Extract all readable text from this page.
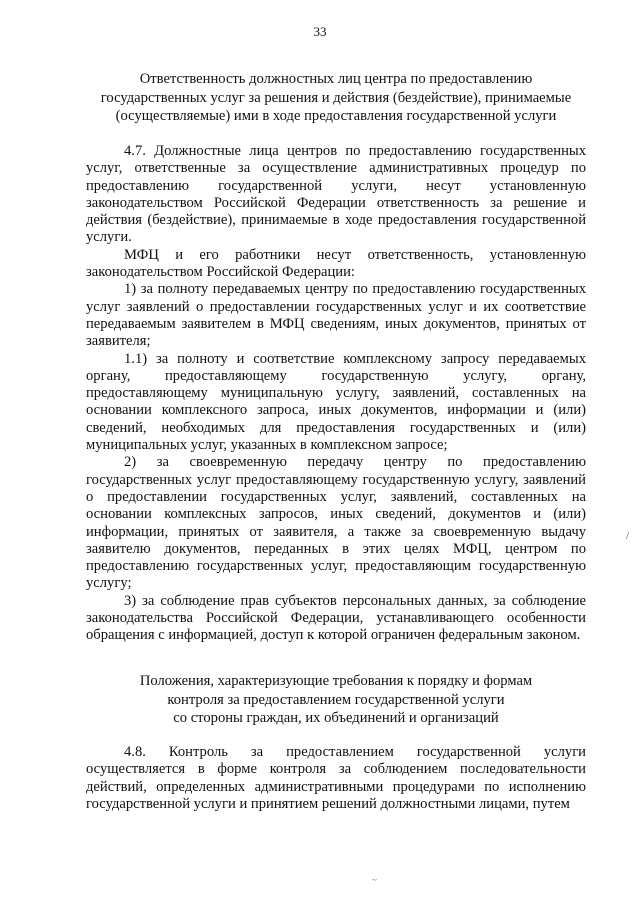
33
Ответственность должностных лиц центра по предоставлению
государственных услуг за решения и действия (бездействие), принимаемые
(осуществляемые) ими в ходе предоставления государственной услуги

4.7. Должностные лица центров по предоставлению государственных услуг, ответственные за осуществление административных процедур по предоставлению государственной услуги, несут установленную законодательством Российской Федерации ответственность за решение и действия (бездействие), принимаемые в ходе предоставления государственной услуги.

МФЦ и его работники несут ответственность, установленную законодательством Российской Федерации:

1) за полноту передаваемых центру по предоставлению государственных услуг заявлений о предоставлении государственных услуг и их соответствие передаваемым заявителем в МФЦ сведениям, иных документов, принятых от заявителя;

1.1) за полноту и соответствие комплексному запросу передаваемых органу, предоставляющему государственную услугу, органу, предоставляющему муниципальную услугу, заявлений, составленных на основании комплексного запроса, иных документов, информации и (или) сведений, необходимых для предоставления государственных и (или) муниципальных услуг, указанных в комплексном запросе;

2) за своевременную передачу центру по предоставлению государственных услуг предоставляющему государственную услугу, заявлений о предоставлении государственных услуг, заявлений, составленных на основании комплексных запросов, иных сведений, документов и (или) информации, принятых от заявителя, а также за своевременную выдачу заявителю документов, переданных в этих целях МФЦ, центром по предоставлению государственных услуг, предоставляющим государственную услугу;

3) за соблюдение прав субъектов персональных данных, за соблюдение законодательства Российской Федерации, устанавливающего особенности обращения с информацией, доступ к которой ограничен федеральным законом.

Положения, характеризующие требования к порядку и формам
контроля за предоставлением государственной услуги
со стороны граждан, их объединений и организаций

4.8. Контроль за предоставлением государственной услуги осуществляется в форме контроля за соблюдением последовательности действий, определенных административными процедурами по исполнению государственной услуги и принятием решений должностными лицами, путем

/
~
